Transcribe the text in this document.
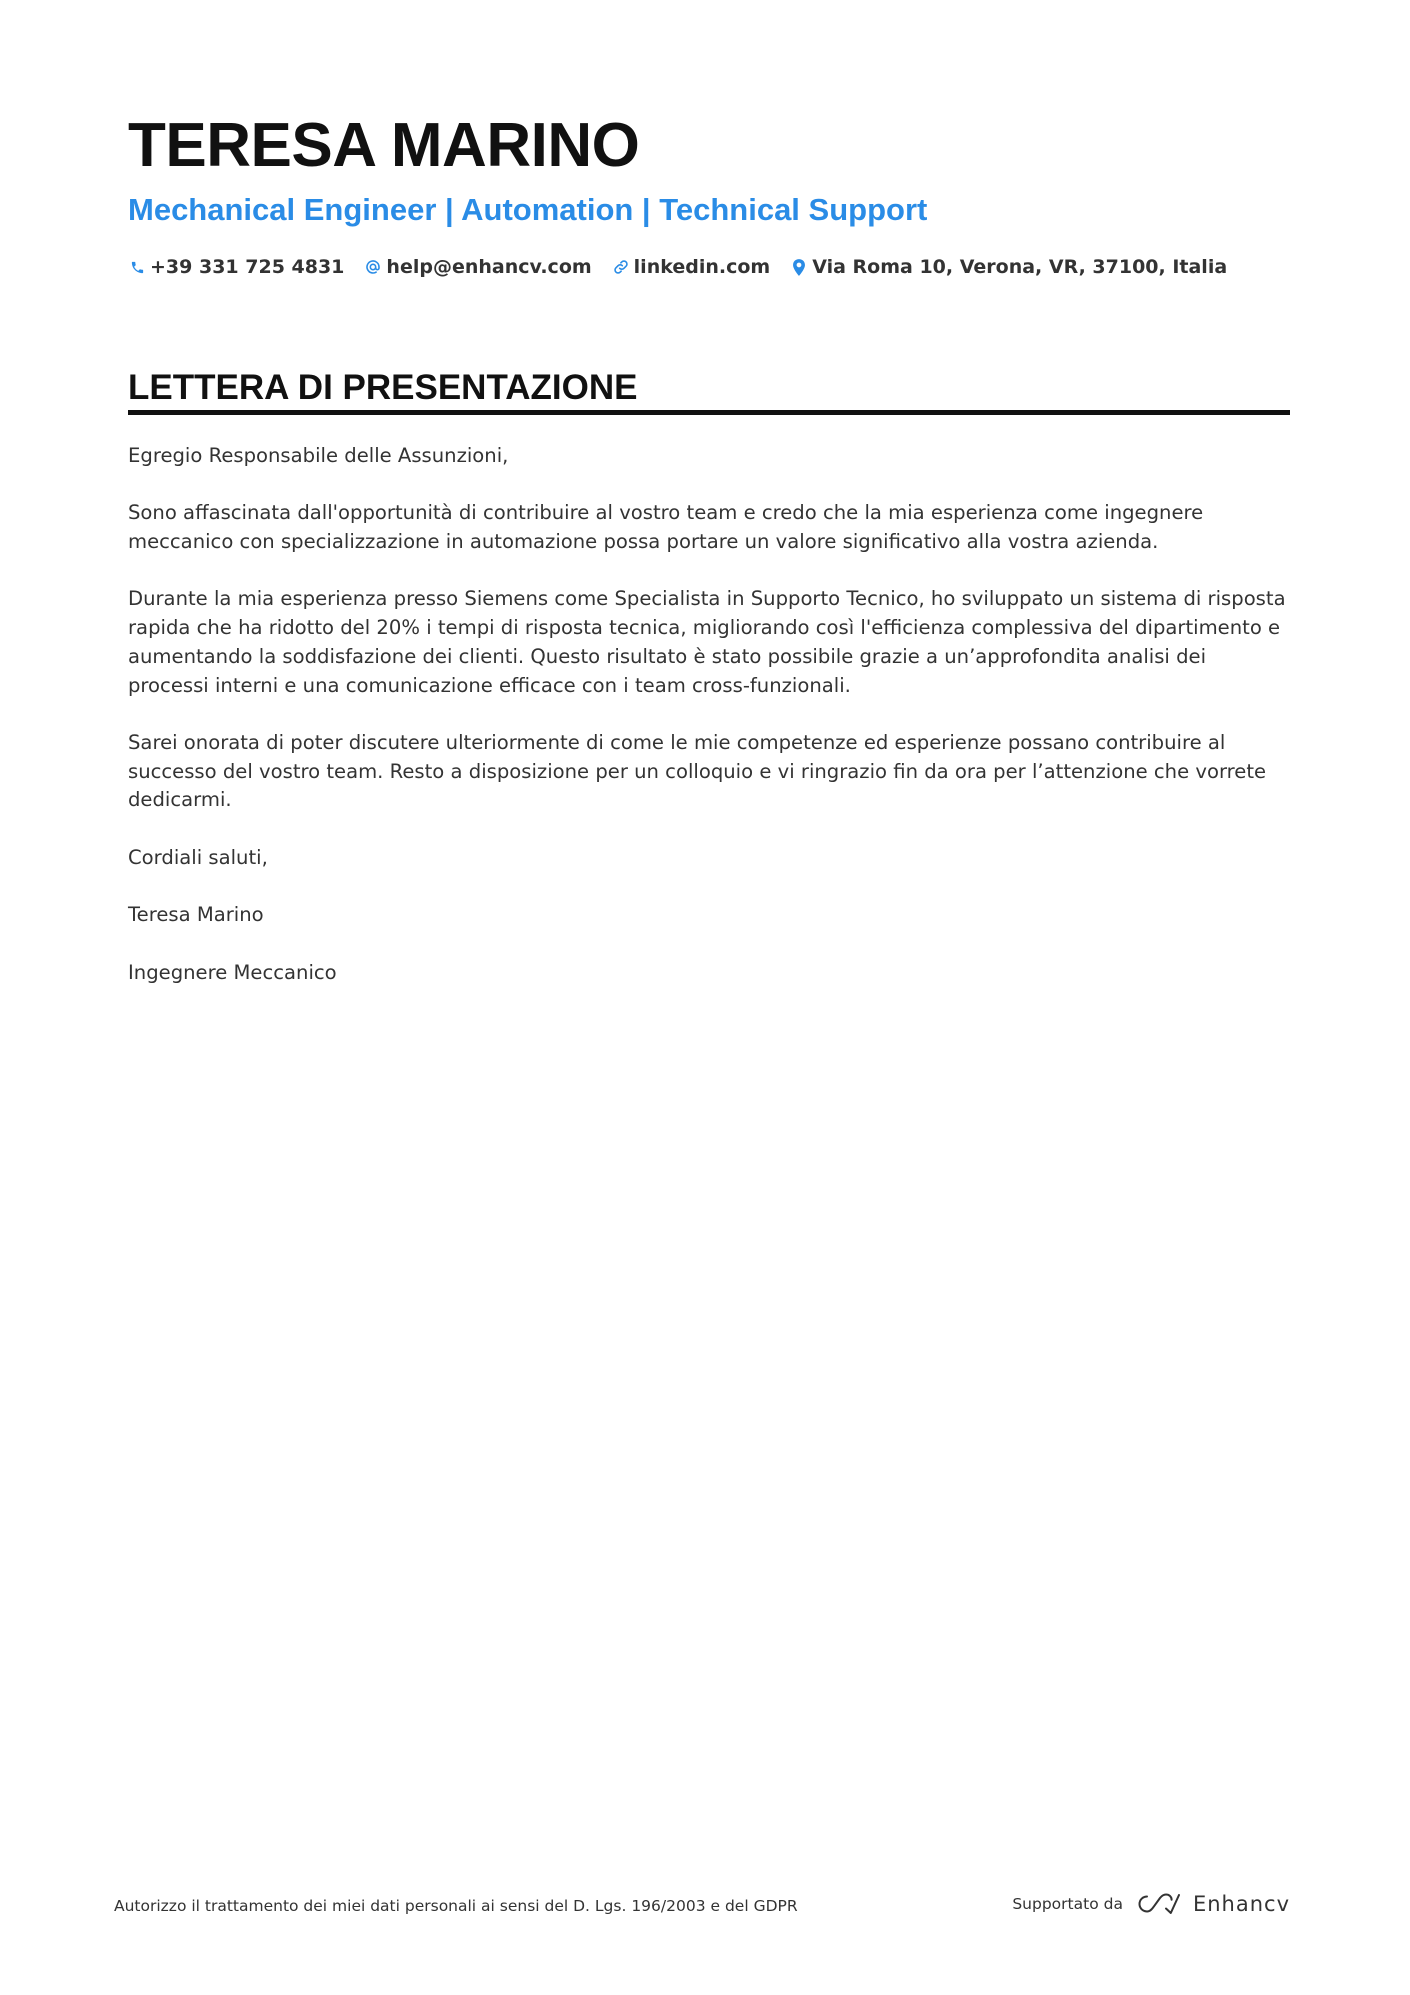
TERESA MARINO
Mechanical Engineer | Automation | Technical Support
+39 331 725 4831 help@enhancv.com linkedin.com Via Roma 10, Verona, VR, 37100, Italia
LETTERA DI PRESENTAZIONE

Egregio Responsabile delle Assunzioni,

Sono affascinata dall'opportunità di contribuire al vostro team e credo che la mia esperienza come ingegnere meccanico con specializzazione in automazione possa portare un valore significativo alla vostra azienda.

Durante la mia esperienza presso Siemens come Specialista in Supporto Tecnico, ho sviluppato un sistema di risposta rapida che ha ridotto del 20% i tempi di risposta tecnica, migliorando così l'efficienza complessiva del dipartimento e aumentando la soddisfazione dei clienti. Questo risultato è stato possibile grazie a un’approfondita analisi dei processi interni e una comunicazione efficace con i team cross-funzionali.

Sarei onorata di poter discutere ulteriormente di come le mie competenze ed esperienze possano contribuire al successo del vostro team. Resto a disposizione per un colloquio e vi ringrazio fin da ora per l’attenzione che vorrete dedicarmi.

Cordiali saluti,

Teresa Marino

Ingegnere Meccanico

Autorizzo il trattamento dei miei dati personali ai sensi del D. Lgs. 196/2003 e del GDPR	Supportato da	Enhancv
